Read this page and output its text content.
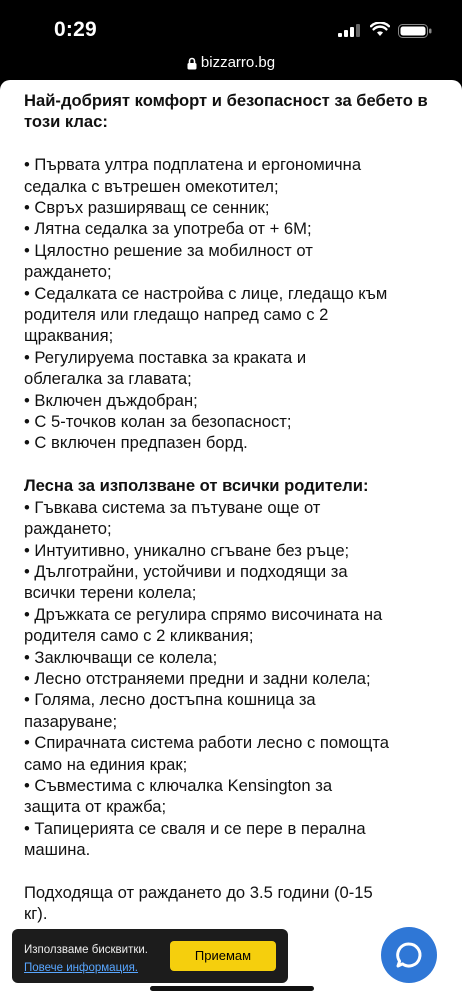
0:29
bizzarro.bg
Най-добрият комфорт и безопасност за бебето в този клас:
• Първата ултра подплатена и ергономична
седалка с вътрешен омекотител;
• Свръх разширяващ се сенник;
• Лятна седалка за употреба от + 6М;
• Цялостно решение за мобилност от
раждането;
• Седалката се настройва с лице, гледащо към
родителя или гледащо напред само с 2
щраквания;
• Регулируема поставка за краката и
облегалка за главата;
• Включен дъждобран;
• С 5-точков колан за безопасност;
• С включен предпазен борд.
Лесна за използване от всички родители:
• Гъвкава система за пътуване още от
раждането;
• Интуитивно, уникално сгъване без ръце;
• Дълготрайни, устойчиви и подходящи за
всички терени колела;
• Дръжката се регулира спрямо височината на
родителя само с 2 кликвания;
• Заключващи се колела;
• Лесно отстраняеми предни и задни колела;
• Голяма, лесно достъпна кошница за
пазаруване;
• Спирачната система работи лесно с помощта
само на единия крак;
• Съвместима с ключалка Kensington за
защита от кражба;
• Тапицерията се сваля и се пере в перална
машина.
Подходяща от раждането до 3.5 години (0-15
кг).
Използваме бисквитки.
Повече информация.
Приемам
